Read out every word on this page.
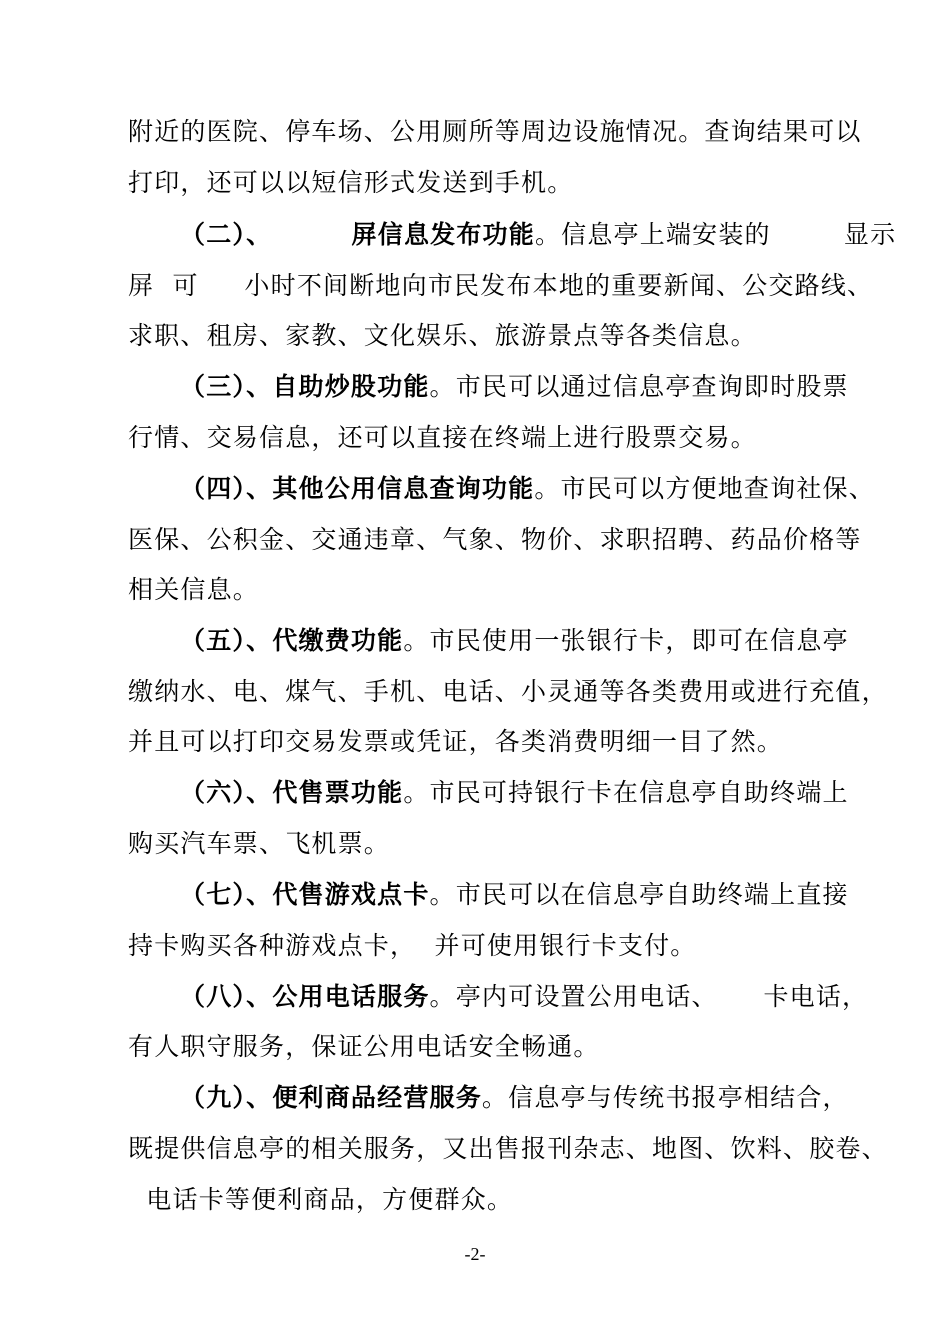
附近的医院、停车场、公用厕所等周边设施情况。查询结果可以
打印，还可以以短信形式发送到手机。
（二）、        屏信息发布功能。信息亭上端安装的        显示
屏  可     小时不间断地向市民发布本地的重要新闻、公交路线、
求职、租房、家教、文化娱乐、旅游景点等各类信息。
（三）、自助炒股功能。市民可以通过信息亭查询即时股票
行情、交易信息，还可以直接在终端上进行股票交易。
（四）、其他公用信息查询功能。市民可以方便地查询社保、
医保、公积金、交通违章、气象、物价、求职招聘、药品价格等
相关信息。
（五）、代缴费功能。市民使用一张银行卡，即可在信息亭
缴纳水、电、煤气、手机、电话、小灵通等各类费用或进行充值，
并且可以打印交易发票或凭证，各类消费明细一目了然。
（六）、代售票功能。市民可持银行卡在信息亭自助终端上
购买汽车票、飞机票。
（七）、代售游戏点卡。市民可以在信息亭自助终端上直接
持卡购买各种游戏点卡，  并可使用银行卡支付。
（八）、公用电话服务。亭内可设置公用电话、     卡电话，
有人职守服务，保证公用电话安全畅通。
（九）、便利商品经营服务。信息亭与传统书报亭相结合，
既提供信息亭的相关服务，又出售报刊杂志、地图、饮料、胶卷、
电话卡等便利商品，方便群众。
-2-
